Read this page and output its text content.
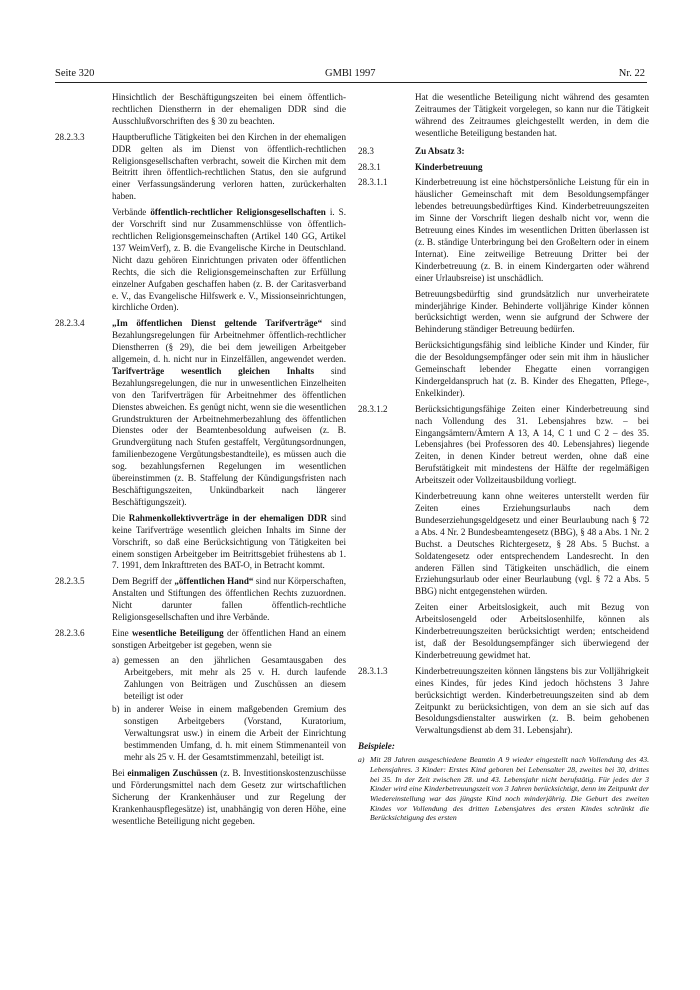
Seite 320	GMBl 1997	Nr. 22

Hinsichtlich der Beschäftigungszeiten bei einem öffentlich-rechtlichen Dienstherrn in der ehemaligen DDR sind die Ausschlußvorschriften des § 30 zu beachten.

28.2.3.3	Hauptberufliche Tätigkeiten bei den Kirchen in der ehemaligen DDR gelten als im Dienst von öffentlich-rechtlichen Religionsgesellschaften verbracht, soweit die Kirchen mit dem Beitritt ihren öffentlich-rechtlichen Status, den sie aufgrund einer Verfassungsänderung verloren hatten, zurückerhalten haben.

Verbände öffentlich-rechtlicher Religionsgesellschaften i. S. der Vorschrift sind nur Zusammenschlüsse von öffentlich-rechtlichen Religionsgemeinschaften (Artikel 140 GG, Artikel 137 WeimVerf), z. B. die Evangelische Kirche in Deutschland. Nicht dazu gehören Einrichtungen privaten oder öffentlichen Rechts, die sich die Religionsgemeinschaften zur Erfüllung einzelner Aufgaben geschaffen haben (z. B. der Caritasverband e. V., das Evangelische Hilfswerk e. V., Missionseinrichtungen, kirchliche Orden).

28.2.3.4	„Im öffentlichen Dienst geltende Tarifverträge“ sind Bezahlungsregelungen für Arbeitnehmer öffentlich-rechtlicher Dienstherren (§ 29), die bei dem jeweiligen Arbeitgeber allgemein, d. h. nicht nur in Einzelfällen, angewendet werden. Tarifverträge wesentlich gleichen Inhalts sind Bezahlungsregelungen, die nur in unwesentlichen Einzelheiten von den Tarifverträgen für Arbeitnehmer des öffentlichen Dienstes abweichen. Es genügt nicht, wenn sie die wesentlichen Grundstrukturen der Arbeitnehmerbezahlung des öffentlichen Dienstes oder der Beamtenbesoldung aufweisen (z. B. Grundvergütung nach Stufen gestaffelt, Vergütungsordnungen, familienbezogene Vergütungsbestandteile), es müssen auch die sog. bezahlungsfernen Regelungen im wesentlichen übereinstimmen (z. B. Staffelung der Kündigungsfristen nach Beschäftigungszeiten, Unkündbarkeit nach längerer Beschäftigungszeit).

Die Rahmenkollektivverträge in der ehemaligen DDR sind keine Tarifverträge wesentlich gleichen Inhalts im Sinne der Vorschrift, so daß eine Berücksichtigung von Tätigkeiten bei einem sonstigen Arbeitgeber im Beitrittsgebiet frühestens ab 1. 7. 1991, dem Inkrafttreten des BAT-O, in Betracht kommt.

28.2.3.5	Dem Begriff der „öffentlichen Hand“ sind nur Körperschaften, Anstalten und Stiftungen des öffentlichen Rechts zuzuordnen. Nicht darunter fallen öffentlich-rechtliche Religionsgesellschaften und ihre Verbände.

28.2.3.6	Eine wesentliche Beteiligung der öffentlichen Hand an einem sonstigen Arbeitgeber ist gegeben, wenn sie

a) gemessen an den jährlichen Gesamtausgaben des Arbeitgebers, mit mehr als 25 v. H. durch laufende Zahlungen von Beiträgen und Zuschüssen an diesem beteiligt ist oder
b) in anderer Weise in einem maßgebenden Gremium des sonstigen Arbeitgebers (Vorstand, Kuratorium, Verwaltungsrat usw.) in einem die Arbeit der Einrichtung bestimmenden Umfang, d. h. mit einem Stimmenanteil von mehr als 25 v. H. der Gesamtstimmenzahl, beteiligt ist.

Bei einmaligen Zuschüssen (z. B. Investitionskostenzuschüsse und Förderungsmittel nach dem Gesetz zur wirtschaftlichen Sicherung der Krankenhäuser und zur Regelung der Krankenhauspflegesätze) ist, unabhängig von deren Höhe, eine wesentliche Beteiligung nicht gegeben.

Hat die wesentliche Beteiligung nicht während des gesamten Zeitraumes der Tätigkeit vorgelegen, so kann nur die Tätigkeit während des Zeitraumes gleichgestellt werden, in dem die wesentliche Beteiligung bestanden hat.

28.3	Zu Absatz 3:
28.3.1	Kinderbetreuung
28.3.1.1	Kinderbetreuung ist eine höchstpersönliche Leistung für ein in häuslicher Gemeinschaft mit dem Besoldungsempfänger lebendes betreuungsbedürftiges Kind. Kinderbetreuungszeiten im Sinne der Vorschrift liegen deshalb nicht vor, wenn die Betreuung eines Kindes im wesentlichen Dritten überlassen ist (z. B. ständige Unterbringung bei den Großeltern oder in einem Internat). Eine zeitweilige Betreuung Dritter bei der Kinderbetreuung (z. B. in einem Kindergarten oder während einer Urlaubsreise) ist unschädlich.

Betreuungsbedürftig sind grundsätzlich nur unverheiratete minderjährige Kinder. Behinderte volljährige Kinder können berücksichtigt werden, wenn sie aufgrund der Schwere der Behinderung ständiger Betreuung bedürfen.

Berücksichtigungsfähig sind leibliche Kinder und Kinder, für die der Besoldungsempfänger oder sein mit ihm in häuslicher Gemeinschaft lebender Ehegatte einen vorrangigen Kindergeldanspruch hat (z. B. Kinder des Ehegatten, Pflege-, Enkelkinder).

28.3.1.2	Berücksichtigungsfähige Zeiten einer Kinderbetreuung sind nach Vollendung des 31. Lebensjahres bzw. – bei Eingangsämtern/Ämtern A 13, A 14, C 1 und C 2 – des 35. Lebensjahres (bei Professoren des 40. Lebensjahres) liegende Zeiten, in denen Kinder betreut werden, ohne daß eine Berufstätigkeit mit mindestens der Hälfte der regelmäßigen Arbeitszeit oder Vollzeitausbildung vorliegt.

Kinderbetreuung kann ohne weiteres unterstellt werden für Zeiten eines Erziehungsurlaubs nach dem Bundeserziehungsgeldgesetz und einer Beurlaubung nach § 72 a Abs. 4 Nr. 2 Bundesbeamtengesetz (BBG), § 48 a Abs. 1 Nr. 2 Buchst. a Deutsches Richtergesetz, § 28 Abs. 5 Buchst. a Soldatengesetz oder entsprechendem Landesrecht. In den anderen Fällen sind Tätigkeiten unschädlich, die einem Erziehungsurlaub oder einer Beurlaubung (vgl. § 72 a Abs. 5 BBG) nicht entgegenstehen würden.

Zeiten einer Arbeitslosigkeit, auch mit Bezug von Arbeitslosengeld oder Arbeitslosenhilfe, können als Kinderbetreuungszeiten berücksichtigt werden; entscheidend ist, daß der Besoldungsempfänger sich überwiegend der Kinderbetreuung gewidmet hat.

28.3.1.3	Kinderbetreuungszeiten können längstens bis zur Volljährigkeit eines Kindes, für jedes Kind jedoch höchstens 3 Jahre berücksichtigt werden. Kinderbetreuungszeiten sind ab dem Zeitpunkt zu berücksichtigen, von dem an sie sich auf das Besoldungsdienstalter auswirken (z. B. beim gehobenen Verwaltungsdienst ab dem 31. Lebensjahr).

Beispiele:
a) Mit 28 Jahren ausgeschiedene Beamtin A 9 wieder eingestellt nach Vollendung des 43. Lebensjahres. 3 Kinder: Erstes Kind geboren bei Lebensalter 28, zweites bei 30, drittes bei 35. In der Zeit zwischen 28. und 43. Lebensjahr nicht berufstätig. Für jedes der 3 Kinder wird eine Kinderbetreuungszeit von 3 Jahren berücksichtigt, denn im Zeitpunkt der Wiedereinstellung war das jüngste Kind noch minderjährig. Die Geburt des zweiten Kindes vor Vollendung des dritten Lebensjahres des ersten Kindes schränkt die Berücksichtigung des ersten
